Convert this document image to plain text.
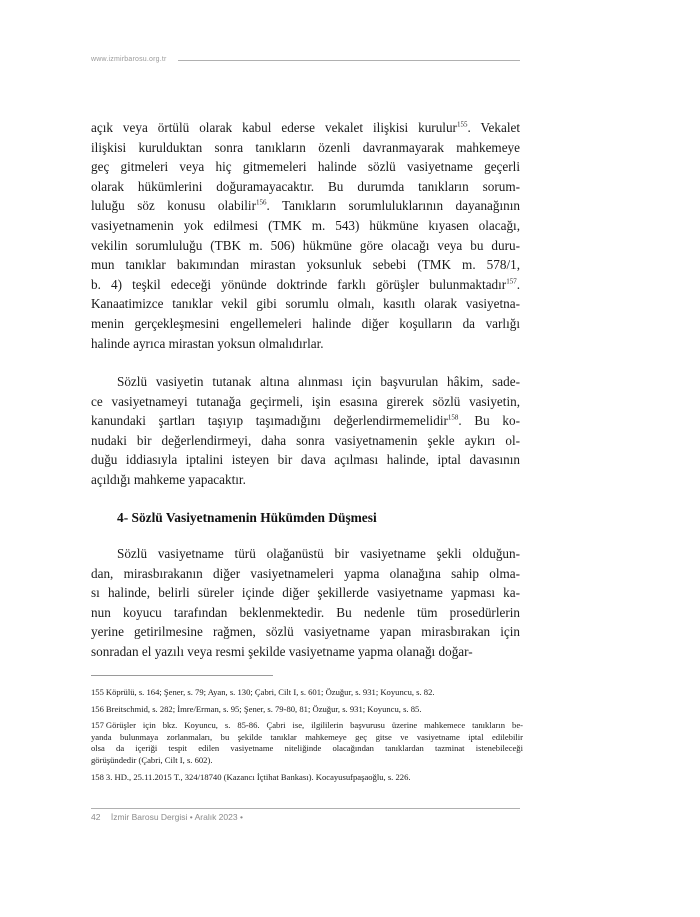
www.izmirbarosu.org.tr
açık veya örtülü olarak kabul ederse vekalet ilişkisi kurulur$^{155}$. Vekalet
ilişkisi kurulduktan sonra tanıkların özenli davranmayarak mahkemeye
geç gitmeleri veya hiç gitmemeleri halinde sözlü vasiyetname geçerli
olarak hükümlerini doğuramayacaktır. Bu durumda tanıkların sorum-
luluğu söz konusu olabilir$^{156}$. Tanıkların sorumluluklarının dayanağının
vasiyetnamenin yok edilmesi (TMK m. 543) hükmüne kıyasen olacağı,
vekilin sorumluluğu (TBK m. 506) hükmüne göre olacağı veya bu duru-
mun tanıklar bakımından mirastan yoksunluk sebebi (TMK m. 578/1,
b. 4) teşkil edeceği yönünde doktrinde farklı görüşler bulunmaktadır$^{157}$.
Kanaatimizce tanıklar vekil gibi sorumlu olmalı, kasıtlı olarak vasiyetna-
menin gerçekleşmesini engellemeleri halinde diğer koşulların da varlığı
halinde ayrıca mirastan yoksun olmalıdırlar.
Sözlü vasiyetin tutanak altına alınması için başvurulan hâkim, sade-
ce vasiyetnameyi tutanağa geçirmeli, işin esasına girerek sözlü vasiyetin,
kanundaki şartları taşıyıp taşımadığını değerlendirmemelidir$^{158}$. Bu ko-
nudaki bir değerlendirmeyi, daha sonra vasiyetnamenin şekle aykırı ol-
duğu iddiasıyla iptalini isteyen bir dava açılması halinde, iptal davasının
açıldığı mahkeme yapacaktır.
4- Sözlü Vasiyetnamenin Hükümden Düşmesi
Sözlü vasiyetname türü olağanüstü bir vasiyetname şekli olduğun-
dan, mirasbırakanın diğer vasiyetnameleri yapma olanağına sahip olma-
sı halinde, belirli süreler içinde diğer şekillerde vasiyetname yapması ka-
nun koyucu tarafından beklenmektedir. Bu nedenle tüm prosedürlerin
yerine getirilmesine rağmen, sözlü vasiyetname yapan mirasbırakan için
sonradan el yazılı veya resmi şekilde vasiyetname yapma olanağı doğar-
155 Köprülü, s. 164; Şener, s. 79; Ayan, s. 130; Çabri, Cilt I, s. 601; Özuğur, s. 931; Koyuncu, s. 82.
156 Breitschmid, s. 282; İmre/Erman, s. 95; Şener, s. 79-80, 81; Özuğur, s. 931; Koyuncu, s. 85.
157 Görüşler için bkz. Koyuncu, s. 85-86. Çabri ise, ilgililerin başvurusu üzerine mahkemece tanıkların be-
yanda bulunmaya zorlanmaları, bu şekilde tanıklar mahkemeye geç gitse ve vasiyetname iptal edilebilir
olsa da içeriği tespit edilen vasiyetname niteliğinde olacağından tanıklardan tazminat istenebileceği
görüşündedir (Çabri, Cilt I, s. 602).
158 3. HD., 25.11.2015 T., 324/18740 (Kazancı İçtihat Bankası). Kocayusufpaşaoğlu, s. 226.
42 İzmir Barosu Dergisi • Aralık 2023 •
